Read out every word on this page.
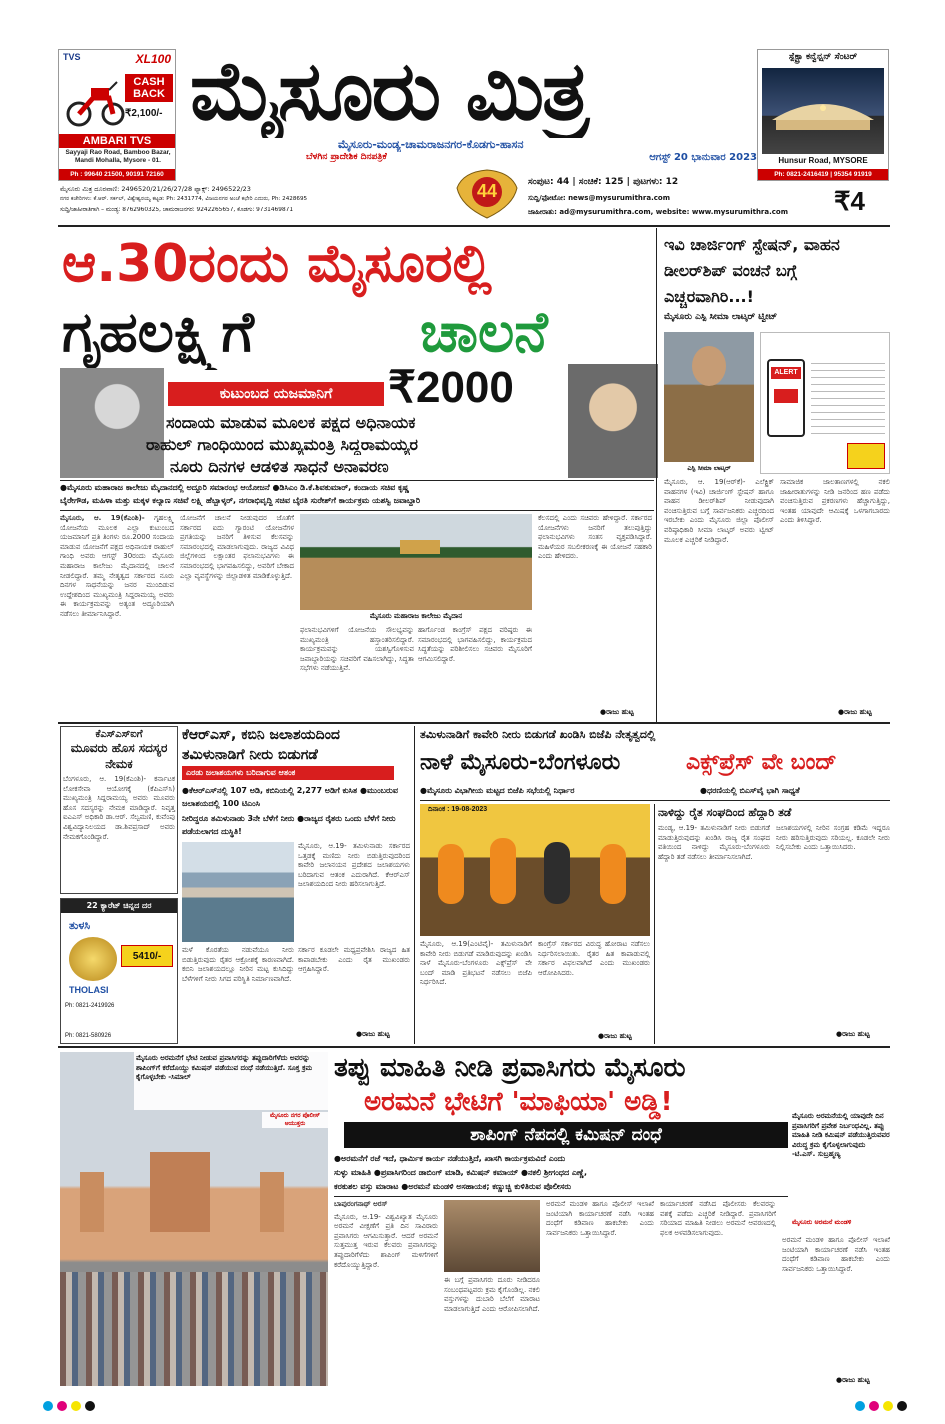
TVS	XL100
CASH BACK
₹2,100/-
AMBARI TVS
Sayyaji Rao Road, Bamboo Bazar, Mandi Mohalla, Mysore - 01.
Ph : 99640 21500, 90191 72160
ಮೈಸೂರು ಮಿತ್ರ
ಮೈಸೂರು-ಮಂಡ್ಯ-ಚಾಮರಾಜನಗರ-ಕೊಡಗು-ಹಾಸನ
ಬೆಳಗಿನ ಪ್ರಾದೇಶಿಕ ದಿನಪತ್ರಿಕೆ	ಆಗಸ್ಟ್ 20 ಭಾನುವಾರ 2023
44
ಮೈಸೂರು ಮಿತ್ರ ದೂರವಾಣಿ: 2496520/21/26/27/28 ಫ್ಯಾಕ್ಸ್: 2496522/23
ನಗರ ಕಚೇರಿಗಳು: ಕೆ.ಆರ್. ಸರ್ಕಲ್, ವಿಶ್ವೇಶ್ವರಯ್ಯ ಕಟ್ಟಡ: Ph: 2431774, ವಿಜಯನಗರ ಅಂಚೆ ಕಛೇರಿ ಎದುರು, Ph: 2428695
ಸುದ್ದಿ/ಜಾಹೀರಾತಿಗಾಗಿ – ಮಂಡ್ಯ: 8762960325, ಚಾಮರಾಜನಗರ: 9242265657, ಕೊಡಗು: 9731469871
ಸಂಪುಟ: 44 | ಸಂಚಿಕೆ: 125 | ಪುಟಗಳು: 12
ಸುದ್ದಿ/ಫೋಟೋ: news@mysurumithra.com
ಜಾಹೀರಾತು: ad@mysurumithra.com, website: www.mysurumithra.com	₹4
ಸ್ಪೆಕ್ಟ್ರಾ ಕನ್ವೆನ್ಷನ್ ಸೆಂಟರ್
Hunsur Road, MYSORE
Ph: 0821-2416419 | 95354 91919
ಆ.30ರಂದು ಮೈಸೂರಲ್ಲಿ
ಗೃಹಲಕ್ಷ್ಮಿಗೆ	ಚಾಲನೆ
ಕುಟುಂಬದ ಯಜಮಾನಿಗೆ	₹2000
ಸಂದಾಯ ಮಾಡುವ ಮೂಲಕ ಪಕ್ಷದ ಅಧಿನಾಯಕ
ರಾಹುಲ್ ಗಾಂಧಿಯಿಂದ ಮುಖ್ಯಮಂತ್ರಿ ಸಿದ್ದರಾಮಯ್ಯರ
ನೂರು ದಿನಗಳ ಆಡಳಿತ ಸಾಧನೆ ಅನಾವರಣ
●ಮೈಸೂರು ಮಹಾರಾಜ ಕಾಲೇಜು ಮೈದಾನದಲ್ಲಿ ಅದ್ಧೂರಿ ಸಮಾರಂಭ ಆಯೋಜನೆ ●ಡಿಸಿಎಂ ಡಿ.ಕೆ.ಶಿವಕುಮಾರ್, ಕಂದಾಯ ಸಚಿವ ಕೃಷ್ಣ
ಬೈರೇಗೌಡ, ಮಹಿಳಾ ಮತ್ತು ಮಕ್ಕಳ ಕಲ್ಯಾಣ ಸಚಿವೆ ಲಕ್ಷ್ಮಿ ಹೆಬ್ಬಾಳ್ಕರ್, ನಗರಾಭಿವೃದ್ಧಿ ಸಚಿವ ಬೈರತಿ ಸುರೇಶ್‌ಗೆ ಕಾರ್ಯಕ್ರಮ ಯಶಸ್ವಿ ಜವಾಬ್ದಾರಿ

ಮೈಸೂರು, ಆ. 19(ಕೆಎಂಶಿ)- ಗೃಹಲಕ್ಷ್ಮಿ ಯೋಜನೆಯ ಮೂಲಕ ಎಲ್ಲಾ ಕುಟುಂಬದ ಯಜಮಾನಿಗೆ ಪ್ರತಿ ತಿಂಗಳು ರೂ.2000 ಸಂದಾಯ ಮಾಡುವ ಯೋಜನೆಗೆ ಪಕ್ಷದ ಅಧಿನಾಯಕ ರಾಹುಲ್ ಗಾಂಧಿ ಅವರು ಆಗಸ್ಟ್ 30ರಂದು ಮೈಸೂರು ಮಹಾರಾಜ ಕಾಲೇಜು ಮೈದಾನದಲ್ಲಿ ಚಾಲನೆ ನೀಡಲಿದ್ದಾರೆ. ತಮ್ಮ ನೇತೃತ್ವದ ಸರ್ಕಾರದ ನೂರು ದಿನಗಳ ಸಾಧನೆಯನ್ನು ಜನರ ಮುಂದಿಡುವ ಉದ್ದೇಶದಿಂದ ಮುಖ್ಯಮಂತ್ರಿ ಸಿದ್ದರಾಮಯ್ಯ ಅವರು ಈ ಕಾರ್ಯಕ್ರಮವನ್ನು ಅತ್ಯಂತ ಅದ್ಧೂರಿಯಾಗಿ ನಡೆಸಲು ತೀರ್ಮಾನಿಸಿದ್ದಾರೆ.

ಯೋಜನೆಗೆ ಚಾಲನೆ ನೀಡುವುದರ ಜೊತೆಗೆ ಸರ್ಕಾರದ ಐದು ಗ್ಯಾರಂಟಿ ಯೋಜನೆಗಳ ಪ್ರಗತಿಯನ್ನು ಜನರಿಗೆ ತಿಳಿಸುವ ಕೆಲಸವನ್ನು ಸಮಾರಂಭದಲ್ಲಿ ಮಾಡಲಾಗುವುದು. ರಾಜ್ಯದ ವಿವಿಧ ಜಿಲ್ಲೆಗಳಿಂದ ಲಕ್ಷಾಂತರ ಫಲಾನುಭವಿಗಳು ಈ ಸಮಾರಂಭದಲ್ಲಿ ಭಾಗವಹಿಸಲಿದ್ದು, ಅವರಿಗೆ ಬೇಕಾದ ಎಲ್ಲಾ ವ್ಯವಸ್ಥೆಗಳನ್ನು ಜಿಲ್ಲಾಡಳಿತ ಮಾಡಿಕೊಳ್ಳುತ್ತಿದೆ.
ಮೈಸೂರು ಮಹಾರಾಜ ಕಾಲೇಜು ಮೈದಾನ
ಫಲಾನುಭವಿಗಳಿಗೆ ಯೋಜನೆಯ ಸೌಲಭ್ಯವನ್ನು ಮುಖ್ಯಮಂತ್ರಿ ಹಸ್ತಾಂತರಿಸಲಿದ್ದಾರೆ. ಕಾರ್ಯಕ್ರಮವನ್ನು ಯಶಸ್ವಿಗೊಳಿಸುವ ಜವಾಬ್ದಾರಿಯನ್ನು ಸಚಿವರಿಗೆ ವಹಿಸಲಾಗಿದ್ದು, ಸಿದ್ಧತಾ ಸಭೆಗಳು ನಡೆಯುತ್ತಿವೆ.
ಹಾರ್ಗೊಂಡ ಕಾಂಗ್ರೆಸ್ ಪಕ್ಷದ ವರಿಷ್ಠರು ಈ ಸಮಾರಂಭದಲ್ಲಿ ಭಾಗವಹಿಸಲಿದ್ದು, ಕಾರ್ಯಕ್ರಮದ ಸಿದ್ಧತೆಯನ್ನು ಪರಿಶೀಲಿಸಲು ಸಚಿವರು ಮೈಸೂರಿಗೆ ಆಗಮಿಸಲಿದ್ದಾರೆ.
ಕೆಲಸದಲ್ಲಿ ಎಂದು ಸಚಿವರು ಹೇಳಿದ್ದಾರೆ. ಸರ್ಕಾರದ ಯೋಜನೆಗಳು ಜನರಿಗೆ ತಲುಪುತ್ತಿದ್ದು ಫಲಾನುಭವಿಗಳು ಸಂತಸ ವ್ಯಕ್ತಪಡಿಸಿದ್ದಾರೆ. ಮಹಿಳೆಯರ ಸಬಲೀಕರಣಕ್ಕೆ ಈ ಯೋಜನೆ ಸಹಕಾರಿ ಎಂದು ಹೇಳಿದರು.
●ರಾಜು ಹುಟ್ಟ
ಇವಿ ಚಾರ್ಜಿಂಗ್ ಸ್ಟೇಷನ್, ವಾಹನ ಡೀಲರ್‌ಶಿಪ್ ವಂಚನೆ ಬಗ್ಗೆ ಎಚ್ಚರವಾಗಿರಿ...!
ಮೈಸೂರು ಎಸ್ಪಿ ಸೀಮಾ ಲಾಟ್ಕರ್ ಟ್ವೀಟ್
ಎಸ್ಪಿ ಸೀಮಾ ಲಾಟ್ಕರ್
ALERT
ಮೈಸೂರು, ಆ. 19(ಆರ್‌ಕೆ)- ಎಲೆಕ್ಟ್ರಿಕ್ ವಾಹನಗಳ (ಇವಿ) ಚಾರ್ಜಿಂಗ್ ಸ್ಟೇಷನ್ ಹಾಗೂ ವಾಹನ ಡೀಲರ್‌ಶಿಪ್ ನೀಡುವುದಾಗಿ ವಂಚಿಸುತ್ತಿರುವ ಬಗ್ಗೆ ಸಾರ್ವಜನಿಕರು ಎಚ್ಚರದಿಂದ ಇರಬೇಕು ಎಂದು ಮೈಸೂರು ಜಿಲ್ಲಾ ಪೊಲೀಸ್ ವರಿಷ್ಠಾಧಿಕಾರಿ ಸೀಮಾ ಲಾಟ್ಕರ್ ಅವರು ಟ್ವೀಟ್ ಮೂಲಕ ಎಚ್ಚರಿಕೆ ನೀಡಿದ್ದಾರೆ.
ಸಾಮಾಜಿಕ ಜಾಲತಾಣಗಳಲ್ಲಿ ನಕಲಿ ಜಾಹೀರಾತುಗಳನ್ನು ನೀಡಿ ಜನರಿಂದ ಹಣ ಪಡೆದು ವಂಚಿಸುತ್ತಿರುವ ಪ್ರಕರಣಗಳು ಹೆಚ್ಚಾಗುತ್ತಿದ್ದು, ಇಂತಹ ಯಾವುದೇ ಆಮಿಷಕ್ಕೆ ಒಳಗಾಗಬಾರದು ಎಂದು ತಿಳಿಸಿದ್ದಾರೆ.
●ರಾಜು ಹುಟ್ಟ
ಕೆಎಸ್ಎಸ್ಐಗೆ
ಮೂವರು ಹೊಸ ಸದಸ್ಯರ ನೇಮಕ
ಬೆಂಗಳೂರು, ಆ. 19(ಕೆಎಂಶಿ)- ಕರ್ನಾಟಕ ಲೋಕಸೇವಾ ಆಯೋಗಕ್ಕೆ (ಕೆಪಿಎಸ್‌ಸಿ) ಮುಖ್ಯಮಂತ್ರಿ ಸಿದ್ದರಾಮಯ್ಯ ಅವರು ಮೂವರು ಹೊಸ ಸದಸ್ಯರನ್ನು ನೇಮಕ ಮಾಡಿದ್ದಾರೆ. ನಿವೃತ್ತ ಐಎಎಸ್ ಅಧಿಕಾರಿ ಡಾ.ಆರ್. ಸೆಲ್ವಮಣಿ, ಕುವೆಂಪು ವಿಶ್ವವಿದ್ಯಾನಿಲಯದ ಡಾ.ಶಿವಪ್ರಸಾದ್ ಅವರು ನೇಮಕಗೊಂಡಿದ್ದಾರೆ.
22 ಕ್ಯಾರೆಟ್ ಚಿನ್ನದ ದರ
ತುಳಸಿ
5410/-
THOLASI
Ph: 0821-2419926
Ph: 0821-580926
ಕೆಆರ್‌ಎಸ್, ಕಬಿನಿ ಜಲಾಶಯದಿಂದ
ತಮಿಳುನಾಡಿಗೆ ನೀರು ಬಿಡುಗಡೆ
ಎರಡು ಜಲಾಶಯಗಳು ಬರಿದಾಗುವ ಆತಂಕ
●ಕೆಆರ್‌ಎಸ್‌ನಲ್ಲಿ 107 ಅಡಿ, ಕಬಿನಿಯಲ್ಲಿ 2,277 ಅಡಿಗೆ ಕುಸಿತ ●ಮುಂಬರುವ ಜಲಾಶಯದಲ್ಲಿ 100 ಟಿಎಂಸಿ
ನೀರಿದ್ದರೂ ತಮಿಳುನಾಡು 3ನೇ ಬೆಳೆಗೆ ನೀರು ●ರಾಜ್ಯದ ರೈತರು ಒಂದು ಬೆಳೆಗೆ ನೀರು ಪಡೆಯಲಾಗದ ದುಸ್ಥಿತಿ!
ಮೈಸೂರು, ಆ.19- ತಮಿಳುನಾಡು ಸರ್ಕಾರದ ಒತ್ತಡಕ್ಕೆ ಮಣಿದು ನೀರು ಬಿಡುತ್ತಿರುವುದರಿಂದ ಕಾವೇರಿ ಜಲಾನಯನ ಪ್ರದೇಶದ ಜಲಾಶಯಗಳು ಬರಿದಾಗುವ ಆತಂಕ ಎದುರಾಗಿದೆ. ಕೆಆರ್‌ಎಸ್ ಜಲಾಶಯದಿಂದ ನೀರು ಹರಿಸಲಾಗುತ್ತಿದೆ.
ಮಳೆ ಕೊರತೆಯ ನಡುವೆಯೂ ನೀರು ಬಿಡುತ್ತಿರುವುದು ರೈತರ ಆಕ್ರೋಶಕ್ಕೆ ಕಾರಣವಾಗಿದೆ. ಕಬಿನಿ ಜಲಾಶಯದಲ್ಲೂ ನೀರಿನ ಮಟ್ಟ ಕುಸಿದಿದ್ದು ಬೆಳೆಗಳಿಗೆ ನೀರು ಸಿಗದ ಪರಿಸ್ಥಿತಿ ನಿರ್ಮಾಣವಾಗಿದೆ.
ಸರ್ಕಾರ ಕೂಡಲೇ ಮಧ್ಯಪ್ರವೇಶಿಸಿ ರಾಜ್ಯದ ಹಿತ ಕಾಪಾಡಬೇಕು ಎಂದು ರೈತ ಮುಖಂಡರು ಆಗ್ರಹಿಸಿದ್ದಾರೆ.
●ರಾಜು ಹುಟ್ಟ
ತಮಿಳುನಾಡಿಗೆ ಕಾವೇರಿ ನೀರು ಬಿಡುಗಡೆ ಖಂಡಿಸಿ ಬಿಜೆಪಿ ನೇತೃತ್ವದಲ್ಲಿ
ನಾಳೆ ಮೈಸೂರು-ಬೆಂಗಳೂರು	ಎಕ್ಸ್‌ಪ್ರೆಸ್ ವೇ ಬಂದ್
●ಮೈಸೂರು ವಿಭಾಗೀಯ ಮಟ್ಟದ ಬಿಜೆಪಿ ಸಭೆಯಲ್ಲಿ ನಿರ್ಧಾರ	●ಧರಣಿಯಲ್ಲಿ ಬಿಎಸ್‌ವೈ ಭಾಗಿ ಸಾಧ್ಯತೆ
ದಿನಾಂಕ : 19-08-2023
ಮೈಸೂರು, ಆ.19(ಎಂಟಿವೈ)- ತಮಿಳುನಾಡಿಗೆ ಕಾವೇರಿ ನೀರು ಬಿಡುಗಡೆ ಮಾಡಿರುವುದನ್ನು ಖಂಡಿಸಿ ನಾಳೆ ಮೈಸೂರು-ಬೆಂಗಳೂರು ಎಕ್ಸ್‌ಪ್ರೆಸ್ ವೇ ಬಂದ್ ಮಾಡಿ ಪ್ರತಿಭಟನೆ ನಡೆಸಲು ಬಿಜೆಪಿ ನಿರ್ಧರಿಸಿದೆ.
ಕಾಂಗ್ರೆಸ್ ಸರ್ಕಾರದ ವಿರುದ್ಧ ಹೋರಾಟ ನಡೆಸಲು ನಿರ್ಧರಿಸಲಾಯಿತು. ರೈತರ ಹಿತ ಕಾಪಾಡುವಲ್ಲಿ ಸರ್ಕಾರ ವಿಫಲವಾಗಿದೆ ಎಂದು ಮುಖಂಡರು ಆರೋಪಿಸಿದರು.
●ರಾಜು ಹುಟ್ಟ
ನಾಳಿದ್ದು ರೈತ ಸಂಘದಿಂದ ಹೆದ್ದಾರಿ ತಡೆ
ಮಂಡ್ಯ, ಆ.19- ತಮಿಳುನಾಡಿಗೆ ನೀರು ಬಿಡುಗಡೆ ಮಾಡುತ್ತಿರುವುದನ್ನು ಖಂಡಿಸಿ ರಾಜ್ಯ ರೈತ ಸಂಘದ ವತಿಯಿಂದ ನಾಳಿದ್ದು ಮೈಸೂರು-ಬೆಂಗಳೂರು ಹೆದ್ದಾರಿ ತಡೆ ನಡೆಸಲು ತೀರ್ಮಾನಿಸಲಾಗಿದೆ.
ಜಲಾಶಯಗಳಲ್ಲಿ ನೀರಿನ ಸಂಗ್ರಹ ಕಡಿಮೆ ಇದ್ದರೂ ನೀರು ಹರಿಸುತ್ತಿರುವುದು ಸರಿಯಲ್ಲ. ಕೂಡಲೇ ನೀರು ನಿಲ್ಲಿಸಬೇಕು ಎಂದು ಒತ್ತಾಯಿಸಿದರು.
●ರಾಜು ಹುಟ್ಟ
ಮೈಸೂರು ಅರಮನೆಗೆ ಭೇಟಿ ನೀಡುವ ಪ್ರವಾಸಿಗರನ್ನು ತಪ್ಪುದಾರಿಗೆಳೆದು ಅವರನ್ನು ಶಾಪಿಂಗ್‌ಗೆ ಕರೆದೊಯ್ದು ಕಮಿಷನ್ ಪಡೆಯುವ ದಂಧೆ ನಡೆಯುತ್ತಿದೆ. ಸೂಕ್ತ ಕ್ರಮ ಕೈಗೊಳ್ಳಬೇಕು -ಸಿಮಾಲ್
ಮೈಸೂರು ನಗರ ಪೊಲೀಸ್ ಆಯುಕ್ತರು
ತಪ್ಪು ಮಾಹಿತಿ ನೀಡಿ ಪ್ರವಾಸಿಗರು ಮೈಸೂರು
ಅರಮನೆ ಭೇಟಿಗೆ 'ಮಾಫಿಯಾ' ಅಡ್ಡಿ!
ಶಾಪಿಂಗ್ ನೆಪದಲ್ಲಿ ಕಮಿಷನ್ ದಂಧೆ
ಮೈಸೂರು ಅರಮನೆಯಲ್ಲಿ ಯಾವುದೇ ದಿನ ಪ್ರವಾಸಿಗರಿಗೆ ಪ್ರವೇಶ ನಿರ್ಬಂಧವಿಲ್ಲ. ತಪ್ಪು ಮಾಹಿತಿ ನೀಡಿ ಕಮಿಷನ್ ಪಡೆಯುತ್ತಿರುವವರ ವಿರುದ್ಧ ಕ್ರಮ ಕೈಗೊಳ್ಳಲಾಗುವುದು -ಟಿ.ಎಸ್. ಸುಬ್ರಹ್ಮಣ್ಯ
ಮೈಸೂರು ಅರಮನೆ ಮಂಡಳಿ
●ಅರಮನೆಗೆ ರಜೆ ಇದೆ, ಧಾರ್ಮಿಕ ಕಾರ್ಯ ನಡೆಯುತ್ತಿದೆ, ಖಾಸಗಿ ಕಾರ್ಯಕ್ರಮವಿದೆ ಎಂದು
ಸುಳ್ಳು ಮಾಹಿತಿ ●ಪ್ರವಾಸಿಗರಿಂದ ಡಾಬಿಂಗ್ ಮಾಡಿ, ಕಮಿಷನ್ ಕಮಾಯ್ ●ನಕಲಿ ಶ್ರೀಗಂಧದ ಎಣ್ಣೆ,
ಕರಕುಶಲ ವಸ್ತು ಮಾರಾಟ ●ಅರಮನೆ ಮಂಡಳಿ ಅಸಹಾಯಕ; ಕಣ್ಣುಚ್ಚಿ ಕುಳಿತಿರುವ ಪೊಲೀಸರು

ಬಾಪುರಂಗನಾಥ್ ಅರಸ್

ಮೈಸೂರು, ಆ.19- ವಿಶ್ವವಿಖ್ಯಾತ ಮೈಸೂರು ಅರಮನೆ ವೀಕ್ಷಣೆಗೆ ಪ್ರತಿ ದಿನ ಸಾವಿರಾರು ಪ್ರವಾಸಿಗರು ಆಗಮಿಸುತ್ತಾರೆ. ಆದರೆ ಅರಮನೆ ಸುತ್ತಮುತ್ತ ಇರುವ ಕೆಲವರು ಪ್ರವಾಸಿಗರನ್ನು ತಪ್ಪುದಾರಿಗೆಳೆದು ಶಾಪಿಂಗ್ ಮಳಿಗೆಗಳಿಗೆ ಕರೆದೊಯ್ಯುತ್ತಿದ್ದಾರೆ.
ಈ ಬಗ್ಗೆ ಪ್ರವಾಸಿಗರು ದೂರು ನೀಡಿದರೂ ಸಂಬಂಧಪಟ್ಟವರು ಕ್ರಮ ಕೈಗೊಂಡಿಲ್ಲ. ನಕಲಿ ವಸ್ತುಗಳನ್ನು ದುಬಾರಿ ಬೆಲೆಗೆ ಮಾರಾಟ ಮಾಡಲಾಗುತ್ತಿದೆ ಎಂದು ಆರೋಪಿಸಲಾಗಿದೆ.
ಅರಮನೆ ಮಂಡಳಿ ಹಾಗೂ ಪೊಲೀಸ್ ಇಲಾಖೆ ಜಂಟಿಯಾಗಿ ಕಾರ್ಯಾಚರಣೆ ನಡೆಸಿ ಇಂತಹ ದಂಧೆಗೆ ಕಡಿವಾಣ ಹಾಕಬೇಕು ಎಂದು ಸಾರ್ವಜನಿಕರು ಒತ್ತಾಯಿಸಿದ್ದಾರೆ.
ಕಾರ್ಯಾಚರಣೆ ನಡೆಸಿದ ಪೊಲೀಸರು ಕೆಲವರನ್ನು ವಶಕ್ಕೆ ಪಡೆದು ಎಚ್ಚರಿಕೆ ನೀಡಿದ್ದಾರೆ. ಪ್ರವಾಸಿಗರಿಗೆ ಸರಿಯಾದ ಮಾಹಿತಿ ನೀಡಲು ಅರಮನೆ ಆವರಣದಲ್ಲಿ ಫಲಕ ಅಳವಡಿಸಲಾಗುವುದು.
ಅರಮನೆ ಮಂಡಳಿ ಹಾಗೂ ಪೊಲೀಸ್ ಇಲಾಖೆ ಜಂಟಿಯಾಗಿ ಕಾರ್ಯಾಚರಣೆ ನಡೆಸಿ ಇಂತಹ ದಂಧೆಗೆ ಕಡಿವಾಣ ಹಾಕಬೇಕು ಎಂದು ಸಾರ್ವಜನಿಕರು ಒತ್ತಾಯಿಸಿದ್ದಾರೆ.
●ರಾಜು ಹುಟ್ಟ
